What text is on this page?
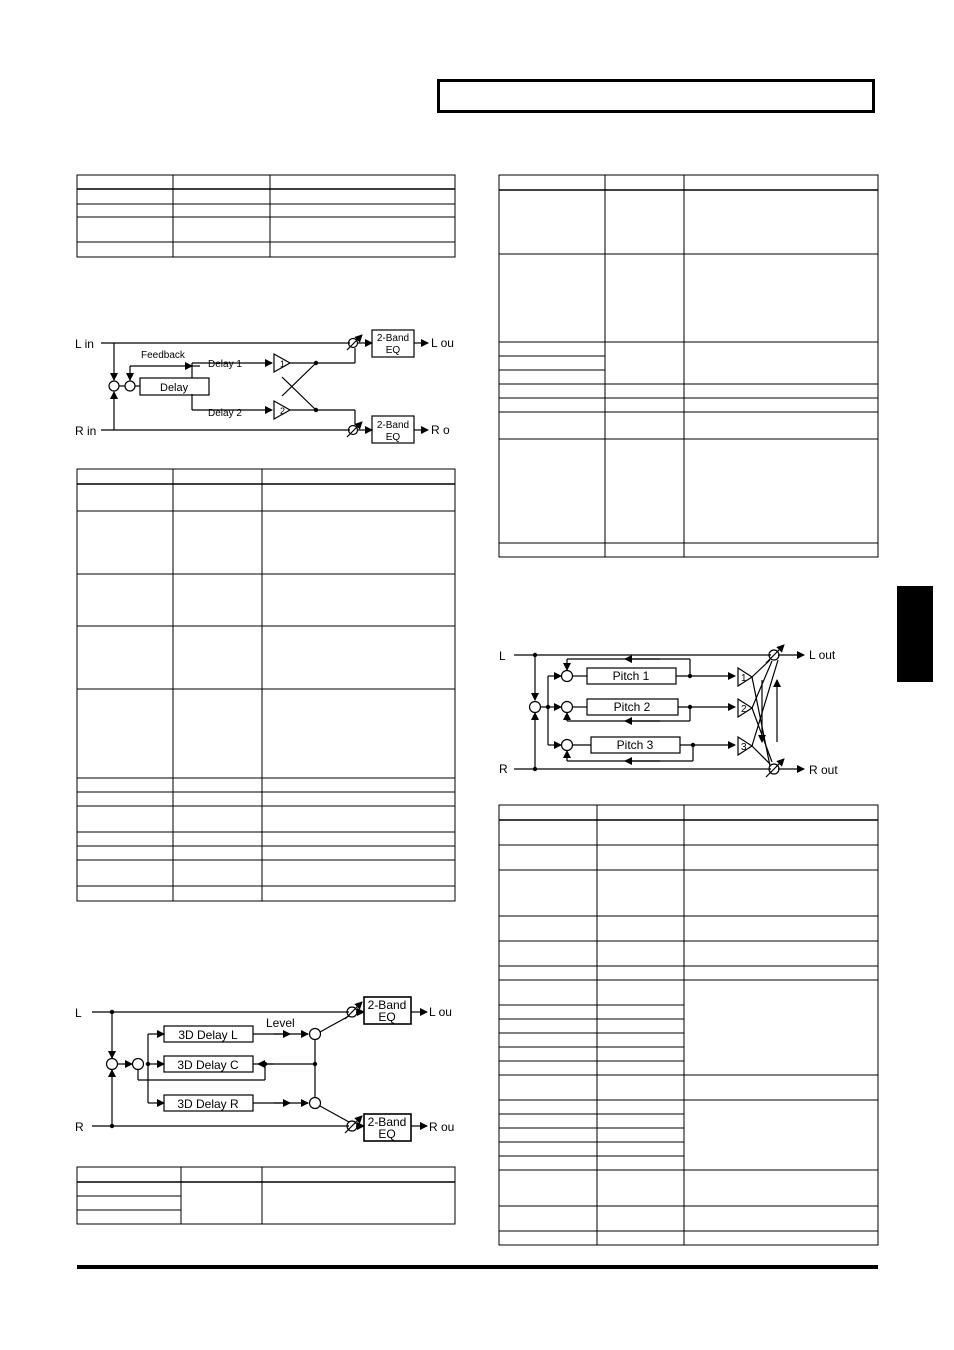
L in
R in
L ou
R o
Feedback
Delay
Delay 1
Delay 2
2-Band
EQ
2-Band
EQ
1
2
L
R
L ou
R ou
Level
3D Delay L
3D Delay C
3D Delay R
2-Band
EQ
2-Band
EQ
L
R
L out
R out
Pitch 1
Pitch 2
Pitch 3
1
2
3
